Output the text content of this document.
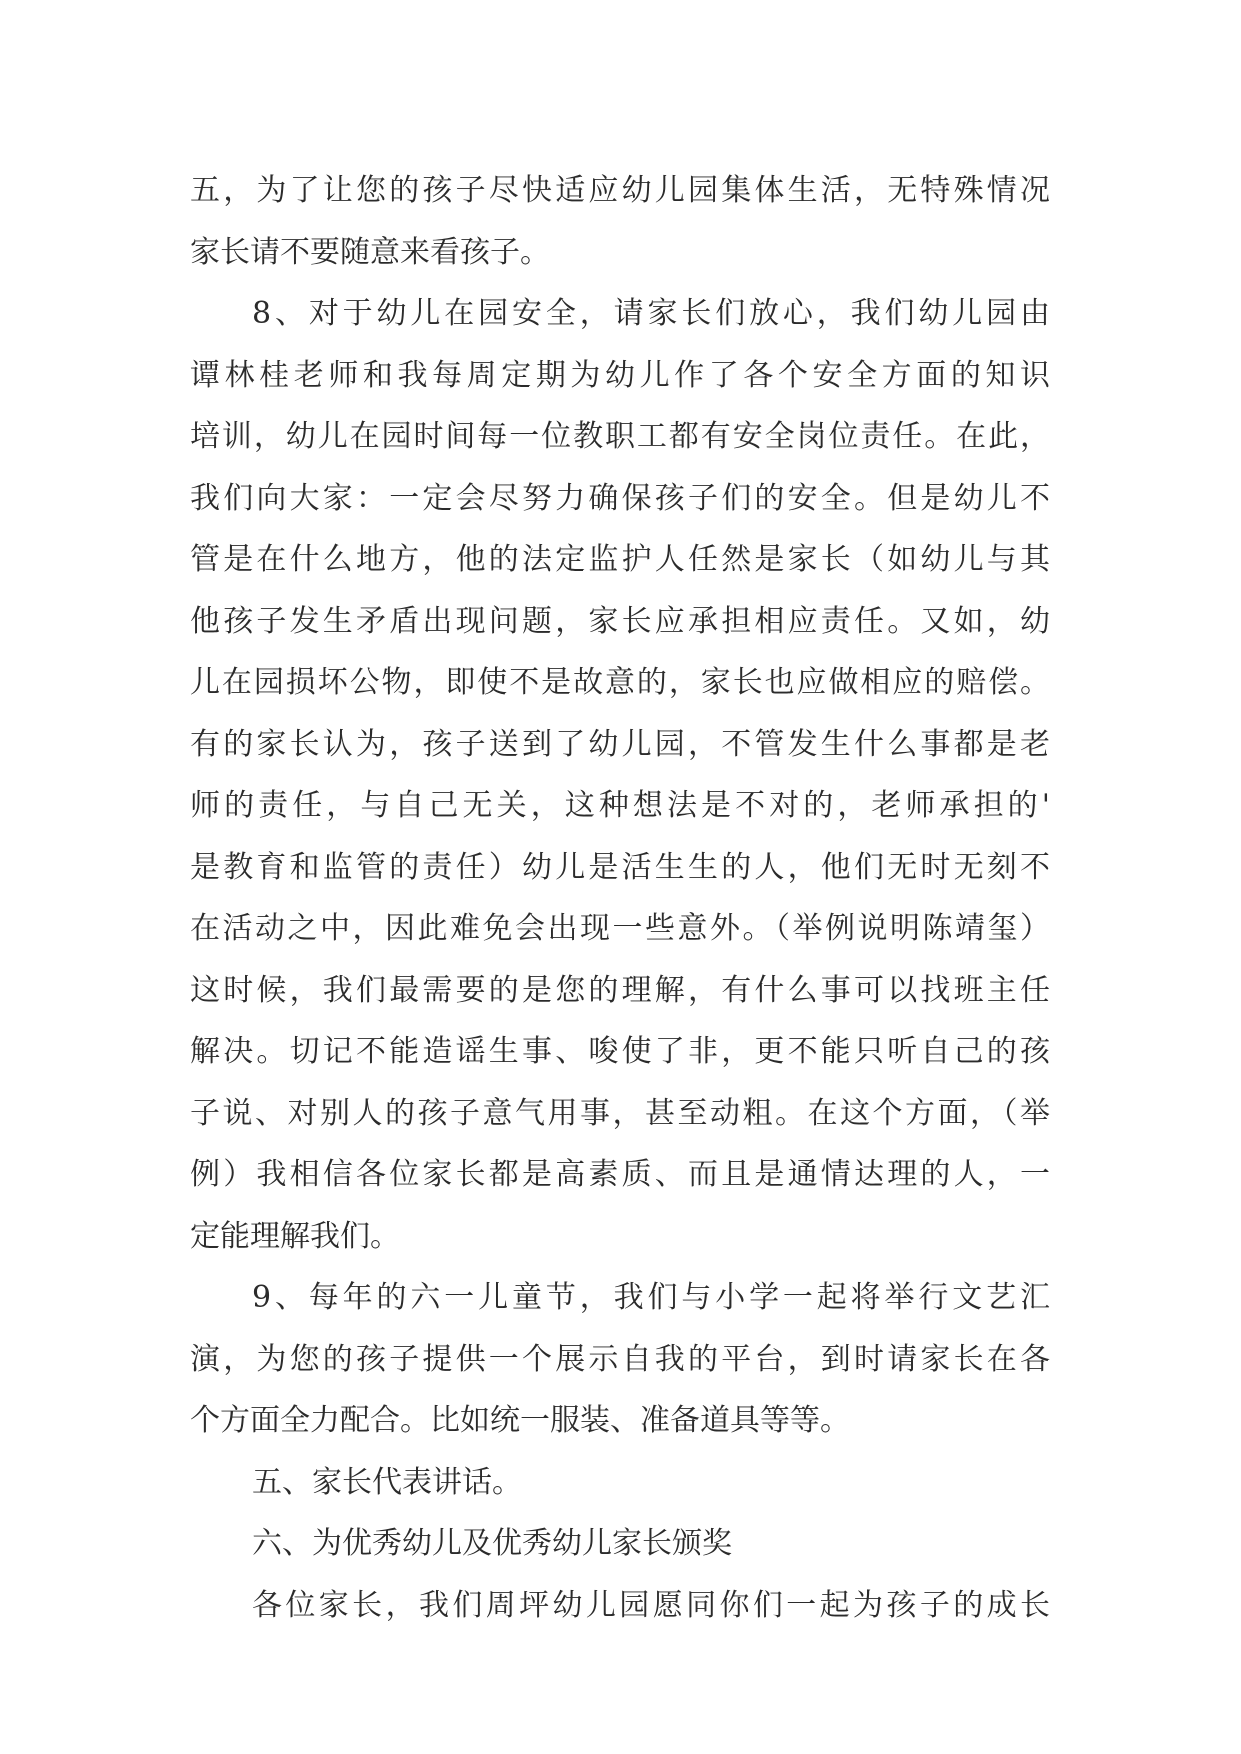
五，为了让您的孩子尽快适应幼儿园集体生活，无特殊情况
家长请不要随意来看孩子。
8、对于幼儿在园安全，请家长们放心，我们幼儿园由
谭林桂老师和我每周定期为幼儿作了各个安全方面的知识
培训，幼儿在园时间每一位教职工都有安全岗位责任。在此，
我们向大家：一定会尽努力确保孩子们的安全。但是幼儿不
管是在什么地方，他的法定监护人任然是家长（如幼儿与其
他孩子发生矛盾出现问题，家长应承担相应责任。又如，幼
儿在园损坏公物，即使不是故意的，家长也应做相应的赔偿。
有的家长认为，孩子送到了幼儿园，不管发生什么事都是老
师的责任，与自己无关，这种想法是不对的，老师承担的'
是教育和监管的责任）幼儿是活生生的人，他们无时无刻不
在活动之中，因此难免会出现一些意外。（举例说明陈靖玺）
这时候，我们最需要的是您的理解，有什么事可以找班主任
解决。切记不能造谣生事、唆使了非，更不能只听自己的孩
子说、对别人的孩子意气用事，甚至动粗。在这个方面，（举
例）我相信各位家长都是高素质、而且是通情达理的人，一
定能理解我们。
9、每年的六一儿童节，我们与小学一起将举行文艺汇
演，为您的孩子提供一个展示自我的平台，到时请家长在各
个方面全力配合。比如统一服装、准备道具等等。
五、家长代表讲话。
六、为优秀幼儿及优秀幼儿家长颁奖
各位家长，我们周坪幼儿园愿同你们一起为孩子的成长
